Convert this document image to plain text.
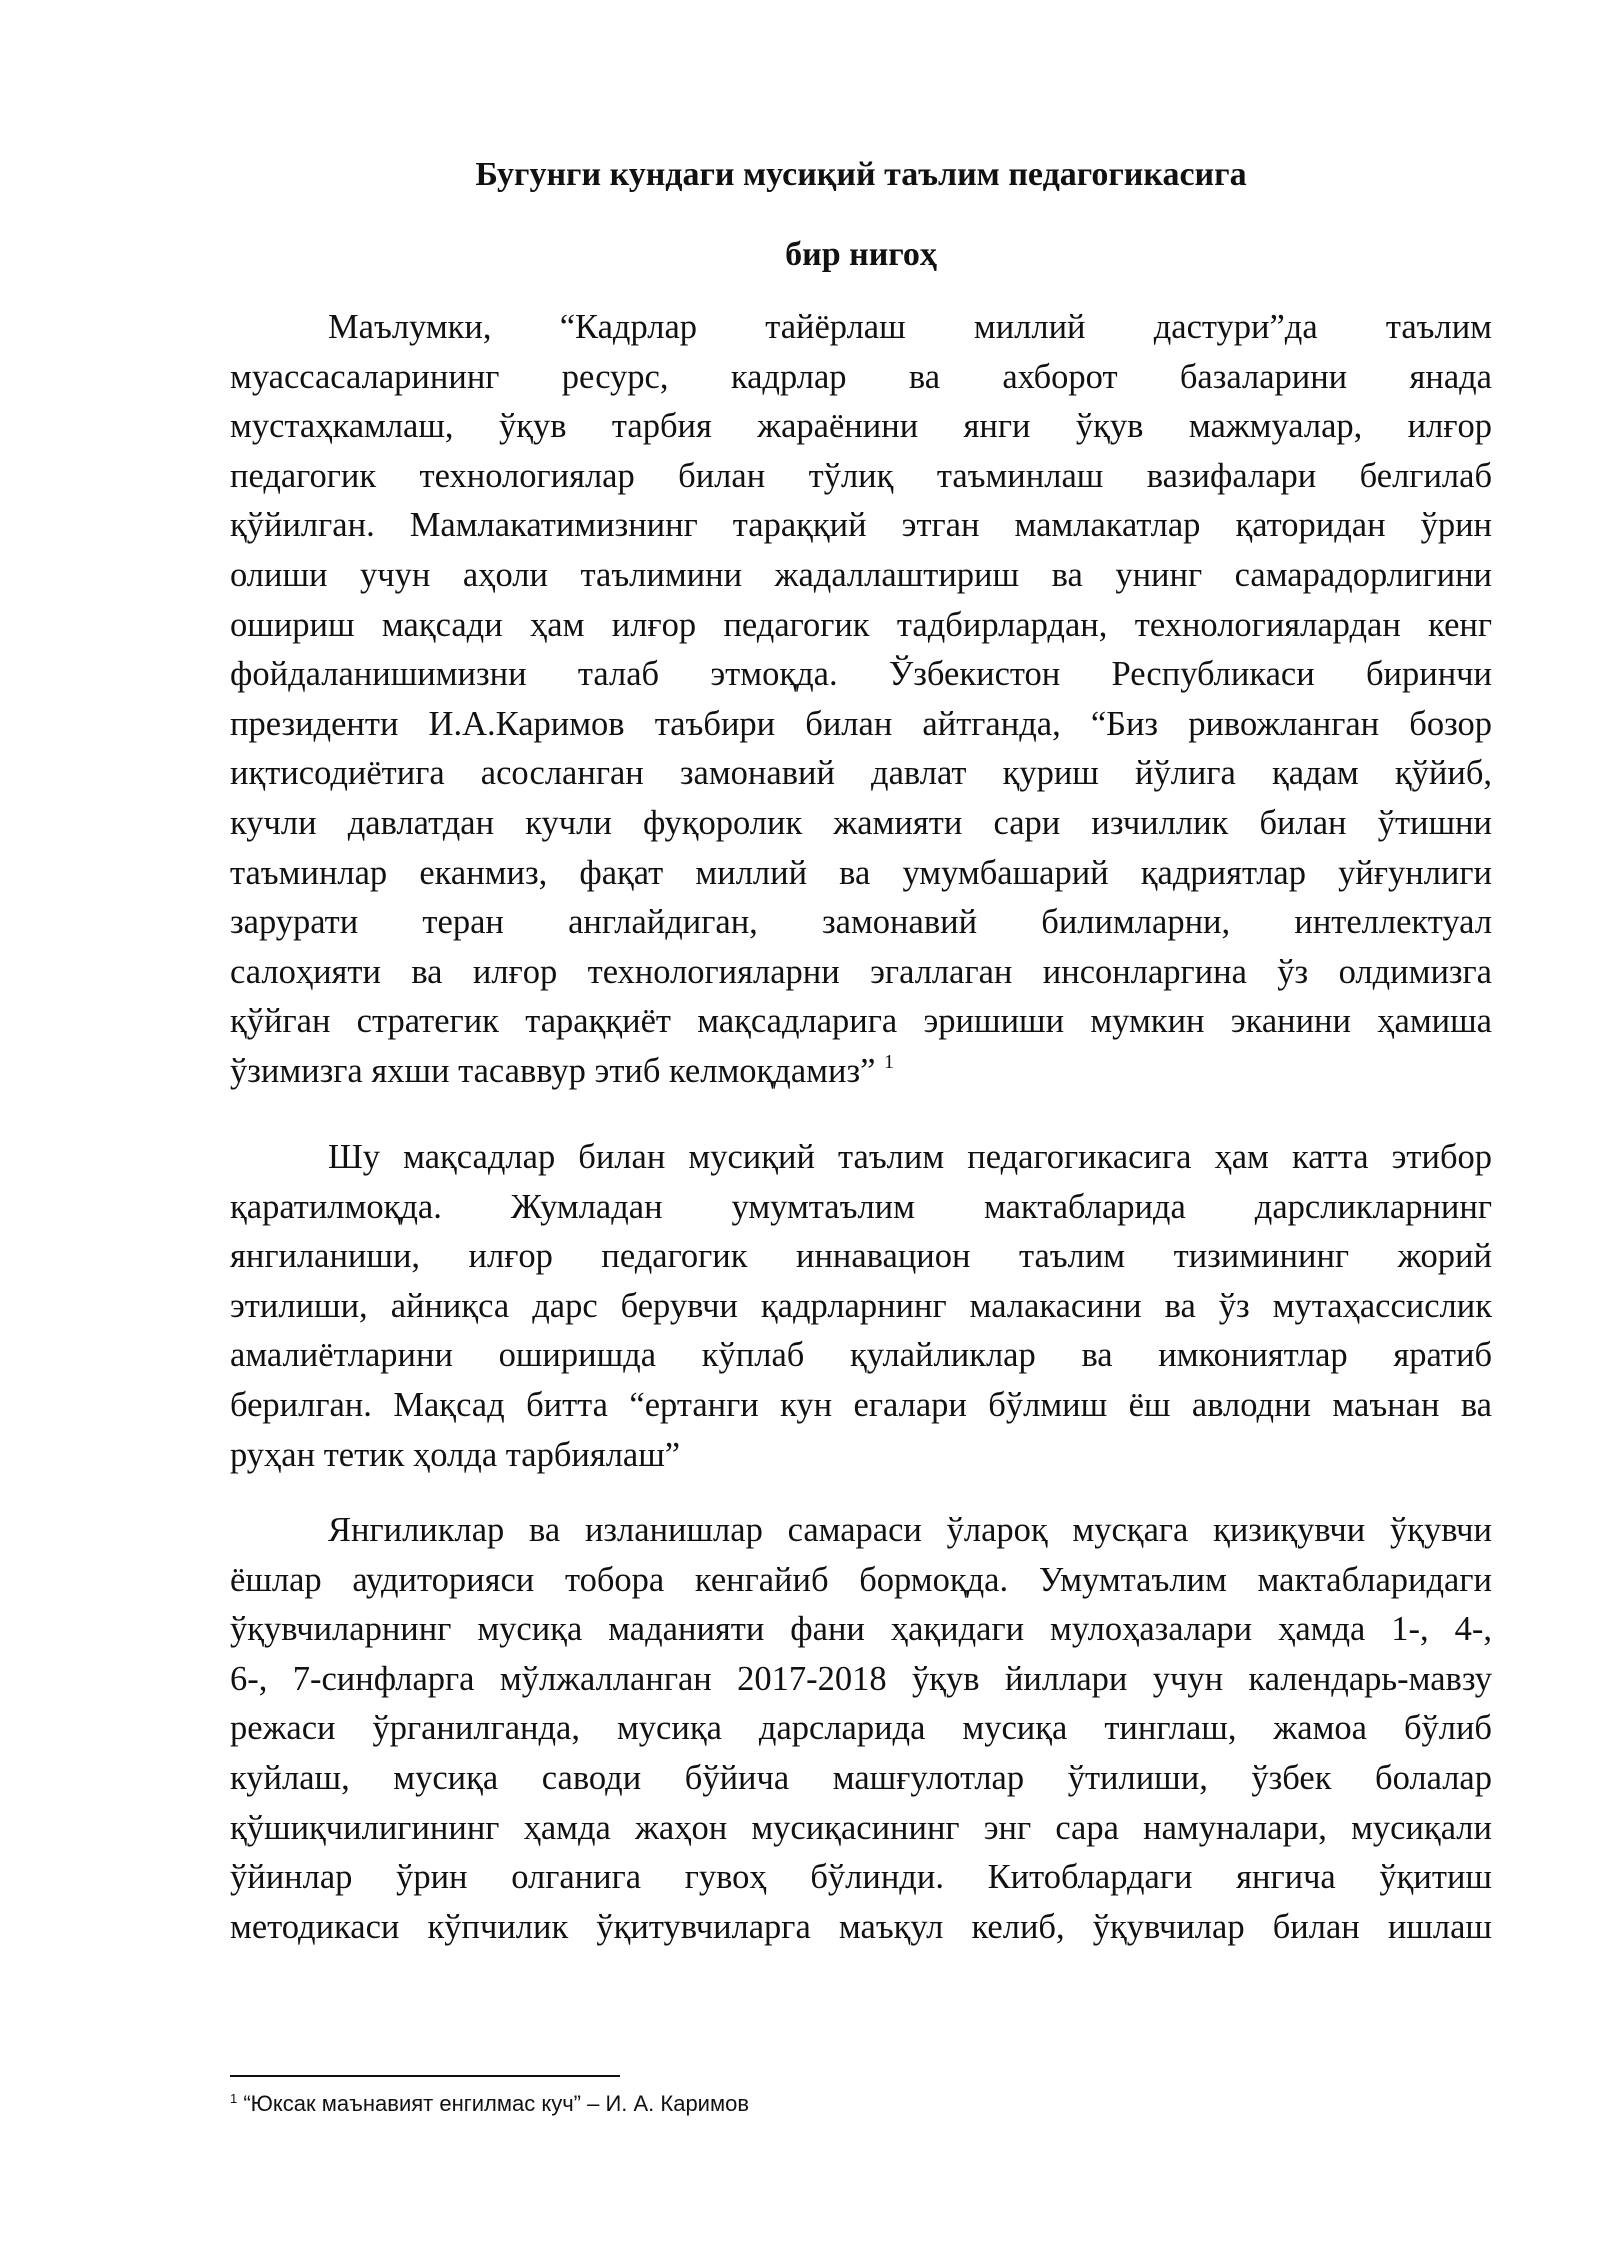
Бугунги кундаги мусиқий таълим педагогикасига
бир нигоҳ
Маълумки, “Кадрлар тайёрлаш миллий дастури”да таълим
муассасаларининг ресурс, кадрлар ва ахборот базаларини янада
мустаҳкамлаш, ўқув тарбия жараёнини янги ўқув мажмуалар, илғор
педагогик технологиялар билан тўлиқ таъминлаш вазифалари белгилаб
қўйилган. Мамлакатимизнинг тараққий этган мамлакатлар қаторидан ўрин
олиши учун аҳоли таълимини жадаллаштириш ва унинг самарадорлигини
ошириш мақсади ҳам илғор педагогик тадбирлардан, технологиялардан кенг
фойдаланишимизни талаб этмоқда. Ўзбекистон Республикаси биринчи
президенти И.А.Каримов таъбири билан айтганда, “Биз ривожланган бозор
иқтисодиётига асосланган замонавий давлат қуриш йўлига қадам қўйиб,
кучли давлатдан кучли фуқоролик жамияти сари изчиллик билан ўтишни
таъминлар еканмиз, фақат миллий ва умумбашарий қадриятлар уйғунлиги
зарурати теран англайдиган, замонавий билимларни, интеллектуал
салоҳияти ва илғор технологияларни эгаллаган инсонларгина ўз олдимизга
қўйган стратегик тараққиёт мақсадларига эришиши мумкин эканини ҳамиша
ўзимизга яхши тасаввур этиб келмоқдамиз” $^1$
Шу мақсадлар билан мусиқий таълим педагогикасига ҳам катта этибор
қаратилмоқда. Жумладан умумтаълим мактабларида дарсликларнинг
янгиланиши, илғор педагогик иннавацион таълим тизимининг жорий
этилиши, айниқса дарс берувчи қадрларнинг малакасини ва ўз мутаҳассислик
амалиётларини оширишда кўплаб қулайликлар ва имкониятлар яратиб
берилган. Мақсад битта “ертанги кун егалари бўлмиш ёш авлодни маънан ва
руҳан тетик ҳолда тарбиялаш”
Янгиликлар ва изланишлар самараси ўлароқ мусқага қизиқувчи ўқувчи
ёшлар аудиторияси тобора кенгайиб бормоқда. Умумтаълим мактабларидаги
ўқувчиларнинг мусиқа маданияти фани ҳақидаги мулоҳазалари ҳамда 1-, 4-,
6-, 7-синфларга мўлжалланган 2017-2018 ўқув йиллари учун календарь-мавзу
режаси ўрганилганда, мусиқа дарсларида мусиқа тинглаш, жамоа бўлиб
куйлаш, мусиқа саводи бўйича машғулотлар ўтилиши, ўзбек болалар
қўшиқчилигининг ҳамда жаҳон мусиқасининг энг сара намуналари, мусиқали
ўйинлар ўрин олганига гувоҳ бўлинди. Китоблардаги янгича ўқитиш
методикаси кўпчилик ўқитувчиларга маъқул келиб, ўқувчилар билан ишлаш
$^1$ “Юксак маънавият енгилмас куч” – И. А. Каримов
